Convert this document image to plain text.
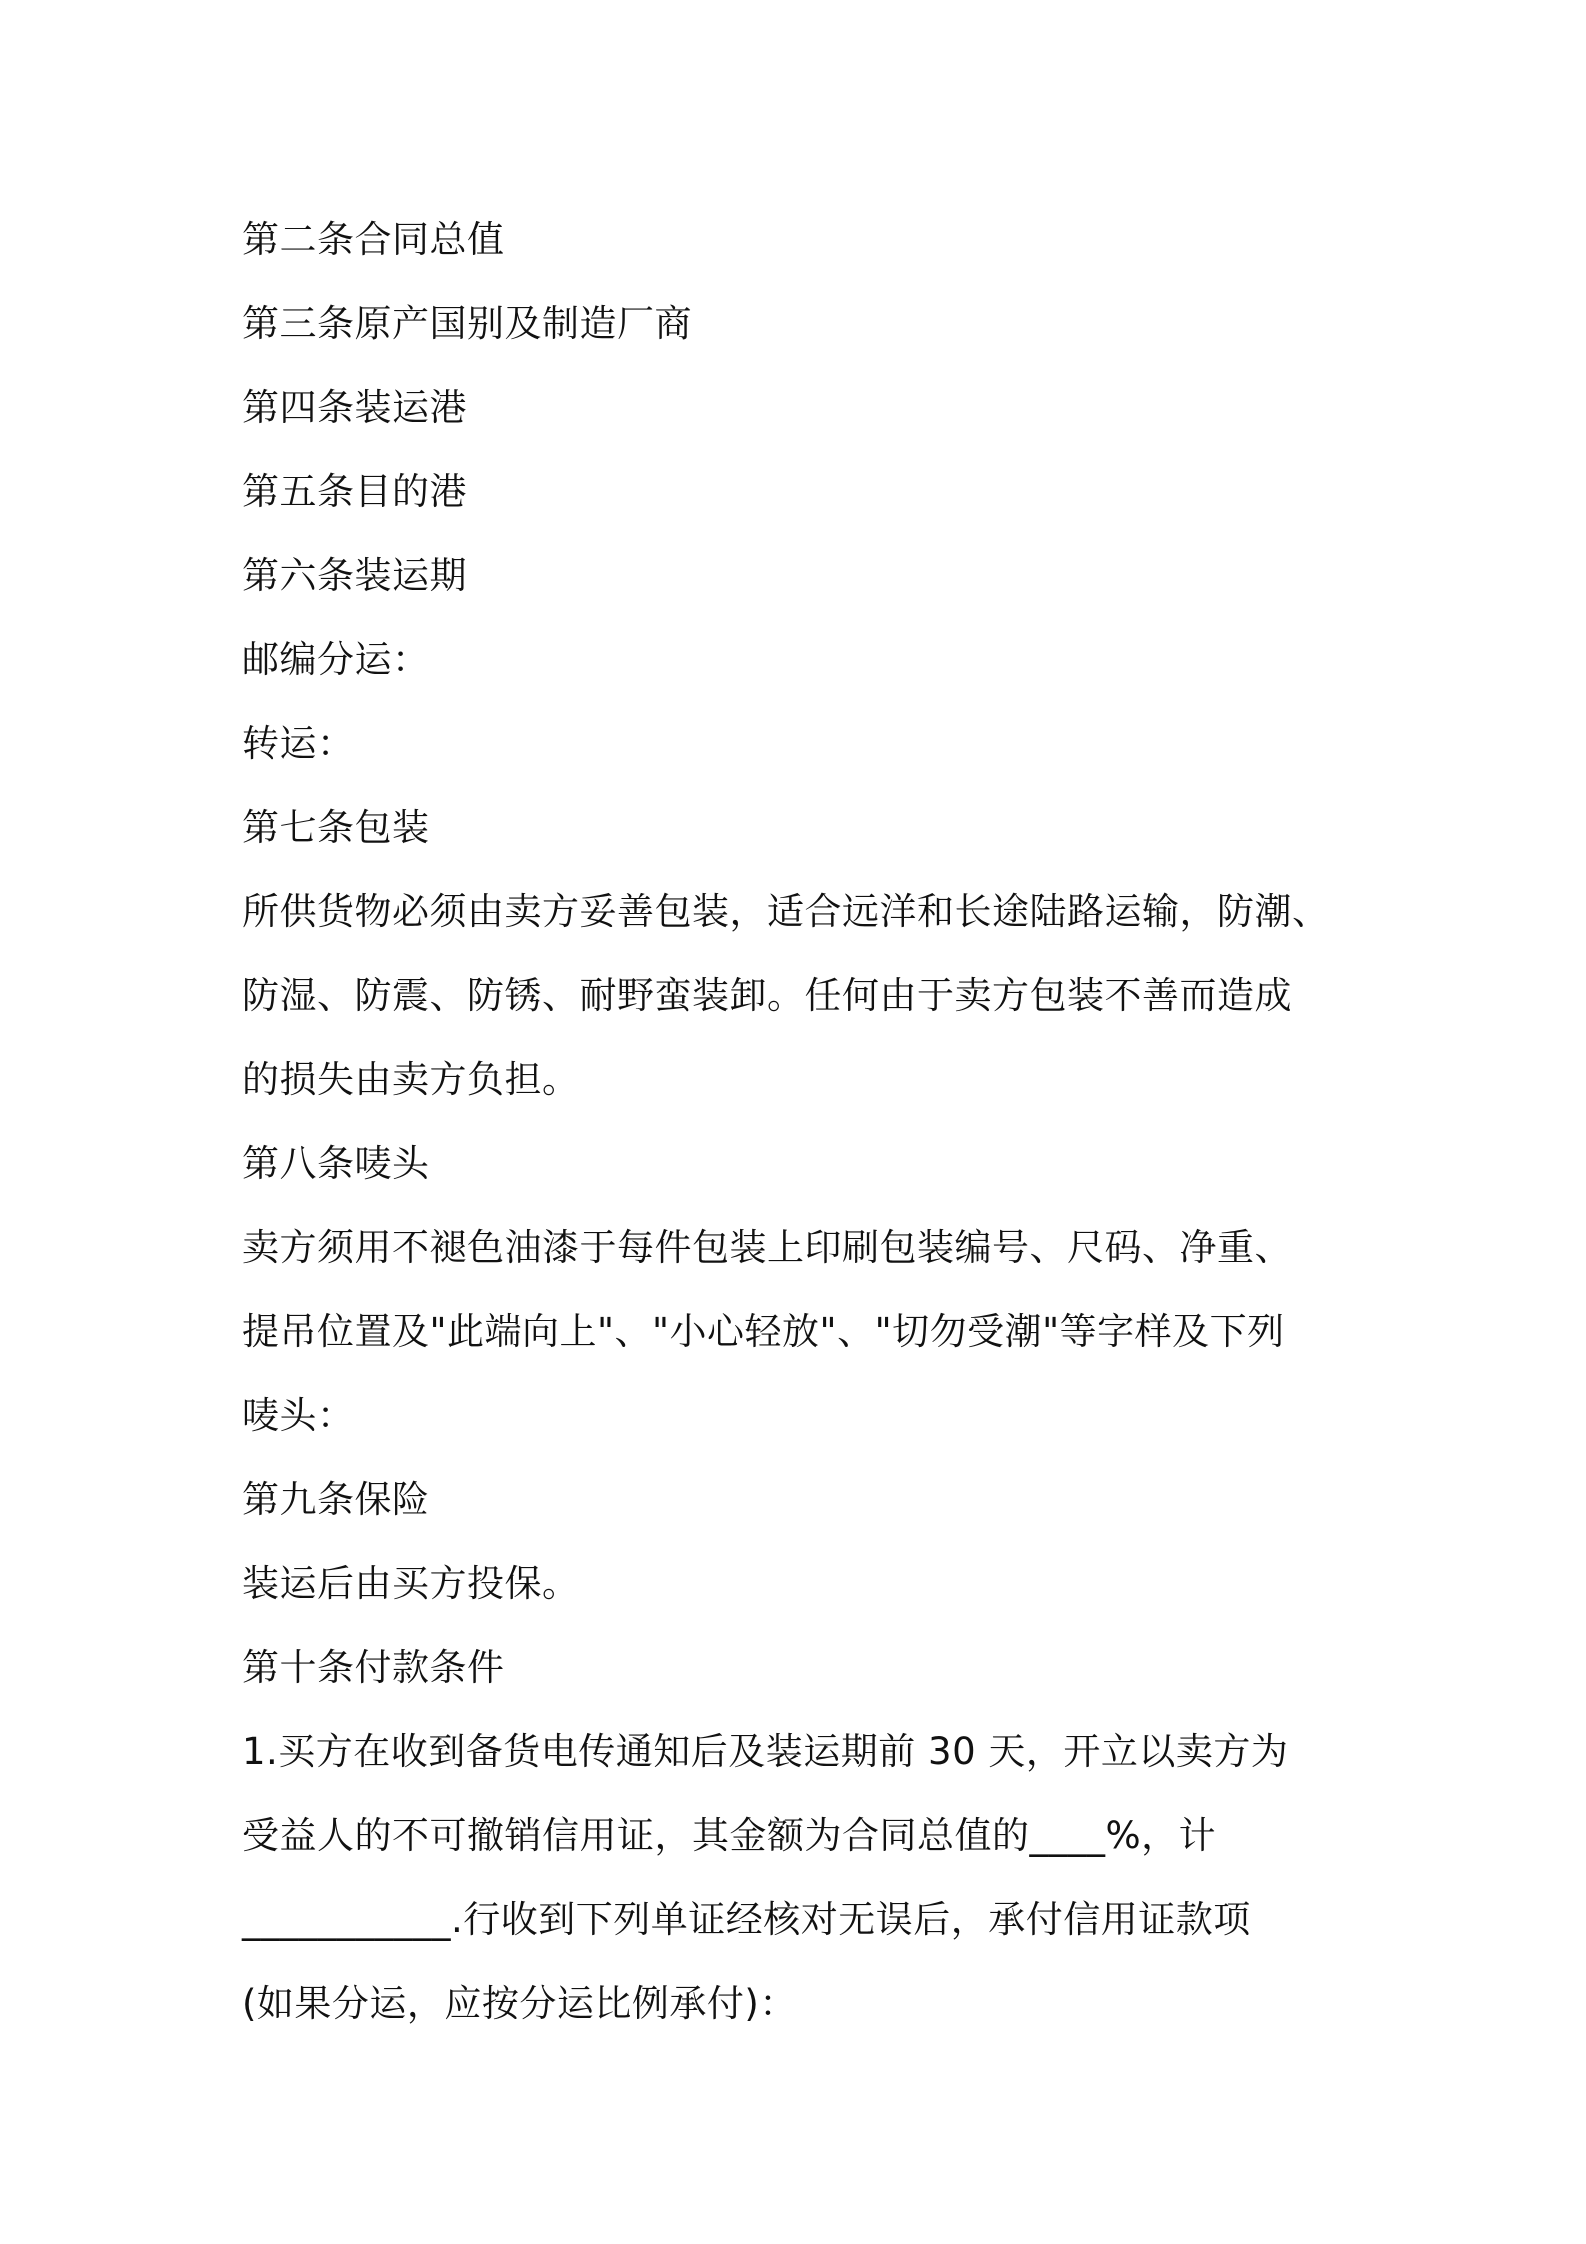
第二条合同总值
第三条原产国别及制造厂商
第四条装运港
第五条目的港
第六条装运期
邮编分运：
转运：
第七条包装
所供货物必须由卖方妥善包装，适合远洋和长途陆路运输，防潮、
防湿、防震、防锈、耐野蛮装卸。任何由于卖方包装不善而造成
的损失由卖方负担。
第八条唛头
卖方须用不褪色油漆于每件包装上印刷包装编号、尺码、净重、
提吊位置及"此端向上"、"小心轻放"、"切勿受潮"等字样及下列
唛头：
第九条保险
装运后由买方投保。
第十条付款条件
1.买方在收到备货电传通知后及装运期前 30 天，开立以卖方为
受益人的不可撤销信用证，其金额为合同总值的____%，计
___________.行收到下列单证经核对无误后，承付信用证款项
(如果分运，应按分运比例承付)：
